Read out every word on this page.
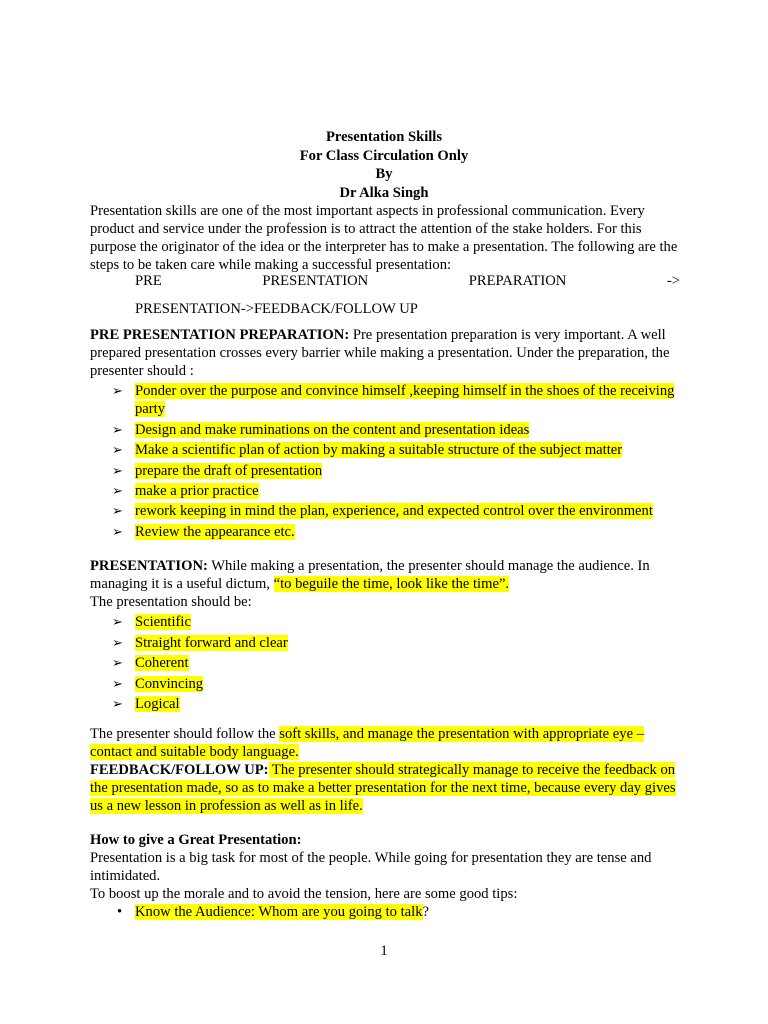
Presentation Skills
For Class Circulation Only
By
Dr Alka Singh

Presentation skills are one of the most important aspects in professional communication. Every product and service under the profession is to attract the attention of the stake holders. For this purpose the originator of the idea or the interpreter has to make a presentation. The following are the steps to be taken care while making a successful presentation:

PRE	PRESENTATION	PREPARATION	->
PRESENTATION->FEEDBACK/FOLLOW UP

PRE PRESENTATION PREPARATION: Pre presentation preparation is very important. A well prepared presentation crosses every barrier while making a presentation. Under the preparation, the presenter should :

➢ Ponder over the purpose and convince himself ,keeping himself in the shoes of the receiving party
➢ Design and make ruminations on the content and presentation ideas
➢ Make a scientific plan of action by making a suitable structure of the subject matter
➢ prepare the draft of presentation
➢ make a prior practice
➢ rework keeping in mind the plan, experience, and expected control over the environment
➢ Review the appearance etc.

PRESENTATION: While making a presentation, the presenter should manage the audience. In managing it is a useful dictum, “to beguile the time, look like the time”.

The presentation should be:

➢ Scientific
➢ Straight forward and clear
➢ Coherent
➢ Convincing
➢ Logical

The presenter should follow the soft skills, and manage the presentation with appropriate eye – contact and suitable body language.

FEEDBACK/FOLLOW UP: The presenter should strategically manage to receive the feedback on the presentation made, so as to make a better presentation for the next time, because every day gives us a new lesson in profession as well as in life.

How to give a Great Presentation:

Presentation is a big task for most of the people. While going for presentation they are tense and intimidated.

To boost up the morale and to avoid the tension, here are some good tips:

• Know the Audience: Whom are you going to talk?
1
